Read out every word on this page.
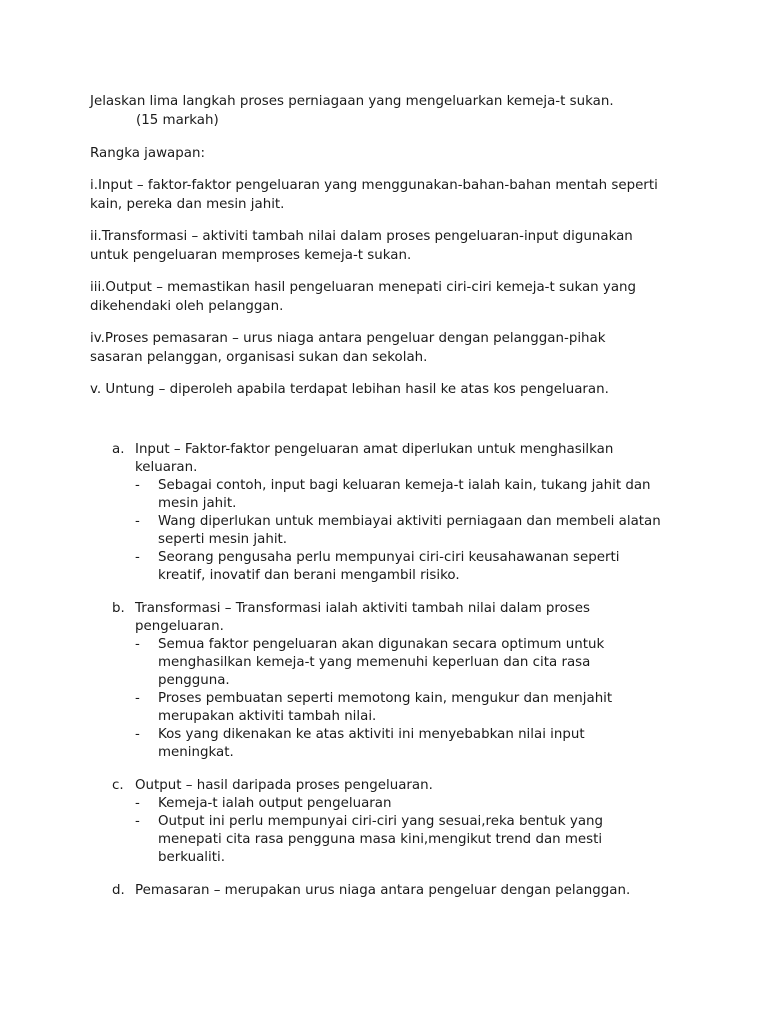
Jelaskan lima langkah proses perniagaan yang mengeluarkan kemeja-t sukan.
(15 markah)
Rangka jawapan:
i.Input – faktor-faktor pengeluaran yang menggunakan-bahan-bahan mentah seperti
kain, pereka dan mesin jahit.
ii.Transformasi – aktiviti tambah nilai dalam proses pengeluaran-input digunakan
untuk pengeluaran memproses kemeja-t sukan.
iii.Output – memastikan hasil pengeluaran menepati ciri-ciri kemeja-t sukan yang
dikehendaki oleh pelanggan.
iv.Proses pemasaran – urus niaga antara pengeluar dengan pelanggan-pihak
sasaran pelanggan, organisasi sukan dan sekolah.
v. Untung – diperoleh apabila terdapat lebihan hasil ke atas kos pengeluaran.
a. Input – Faktor-faktor pengeluaran amat diperlukan untuk menghasilkan
keluaran.
- Sebagai contoh, input bagi keluaran kemeja-t ialah kain, tukang jahit dan
mesin jahit.
- Wang diperlukan untuk membiayai aktiviti perniagaan dan membeli alatan
seperti mesin jahit.
- Seorang pengusaha perlu mempunyai ciri-ciri keusahawanan seperti
kreatif, inovatif dan berani mengambil risiko.
b. Transformasi – Transformasi ialah aktiviti tambah nilai dalam proses
pengeluaran.
- Semua faktor pengeluaran akan digunakan secara optimum untuk
menghasilkan kemeja-t yang memenuhi keperluan dan cita rasa
pengguna.
- Proses pembuatan seperti memotong kain, mengukur dan menjahit
merupakan aktiviti tambah nilai.
- Kos yang dikenakan ke atas aktiviti ini menyebabkan nilai input
meningkat.
c. Output – hasil daripada proses pengeluaran.
- Kemeja-t ialah output pengeluaran
- Output ini perlu mempunyai ciri-ciri yang sesuai,reka bentuk yang
menepati cita rasa pengguna masa kini,mengikut trend dan mesti
berkualiti.
d. Pemasaran – merupakan urus niaga antara pengeluar dengan pelanggan.
